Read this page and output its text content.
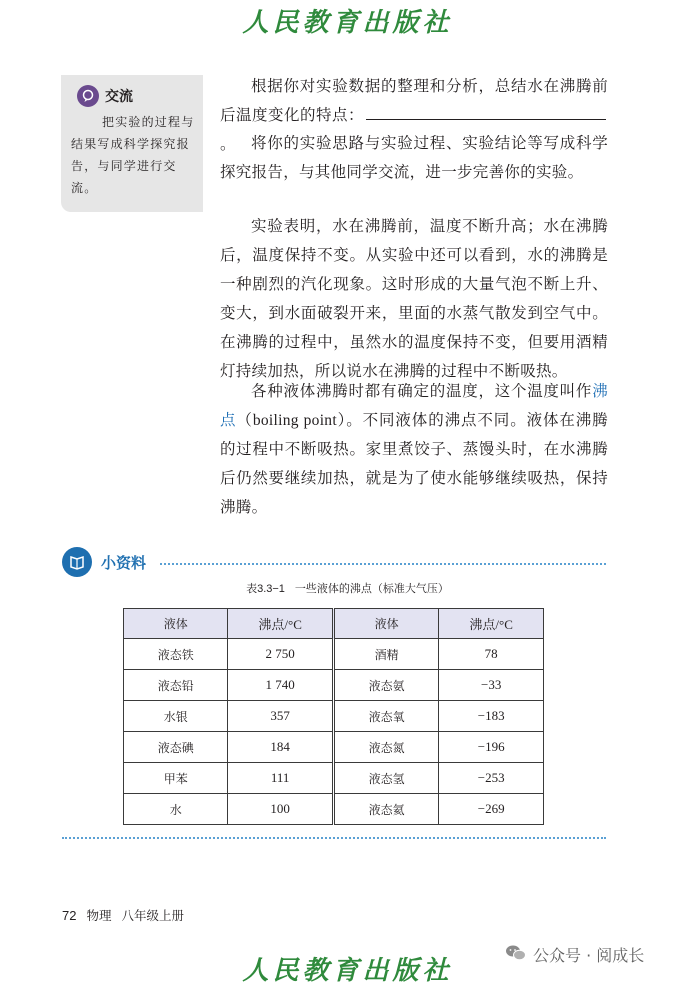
人民教育出版社
交流
把实验的过程与结果写成科学探究报告，与同学进行交流。

根据你对实验数据的整理和分析，总结水在沸腾前后温度变化的特点：。 将你的实验思路与实验过程、实验结论等写成科学探究报告，与其他同学交流，进一步完善你的实验。

实验表明，水在沸腾前，温度不断升高；水在沸腾后，温度保持不变。从实验中还可以看到，水的沸腾是一种剧烈的汽化现象。这时形成的大量气泡不断上升、变大，到水面破裂开来，里面的水蒸气散发到空气中。在沸腾的过程中，虽然水的温度保持不变，但要用酒精灯持续加热，所以说水在沸腾的过程中不断吸热。

各种液体沸腾时都有确定的温度，这个温度叫作沸点（boiling point）。不同液体的沸点不同。液体在沸腾的过程中不断吸热。家里煮饺子、蒸馒头时，在水沸腾后仍然要继续加热，就是为了使水能够继续吸热，保持沸腾。

小资料
表3.3−1 一些液体的沸点（标准大气压）
液体	沸点/°C	液体	沸点/°C
液态铁	2 750	酒精	78
液态铅	1 740	液态氨	−33
水银	357	液态氧	−183
液态碘	184	液态氮	−196
甲苯	111	液态氢	−253
水	100	液态氦	−269
72 物理 八年级上册
人民教育出版社
公众号 · 阅成长
